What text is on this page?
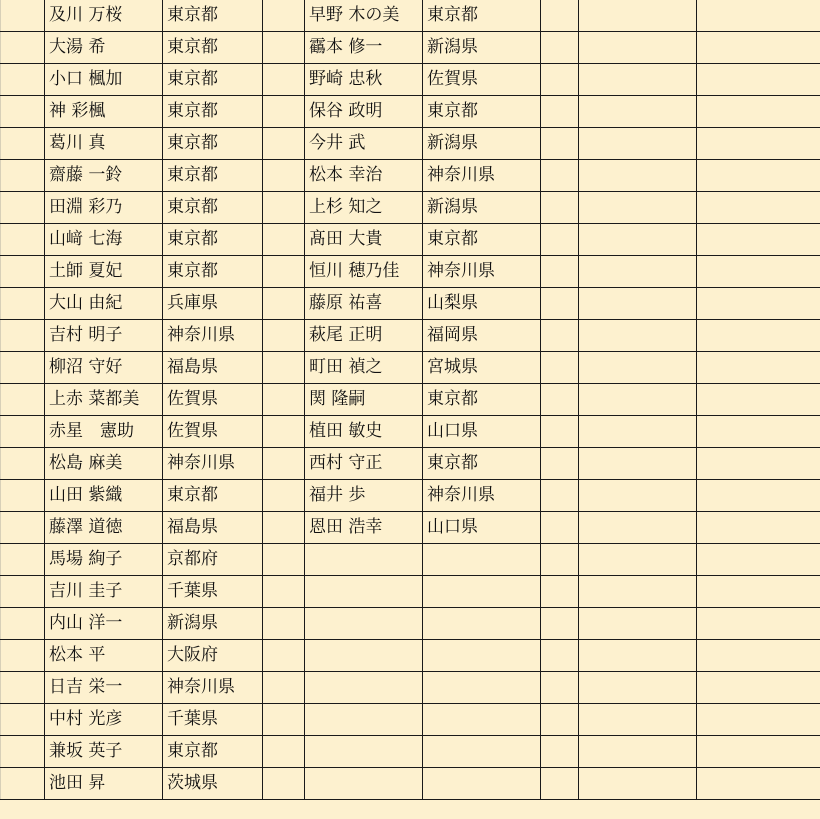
	及川 万桜	東京都		早野 木の美	東京都			
	大湯 希	東京都		靍本 修一	新潟県			
	小口 楓加	東京都		野崎 忠秋	佐賀県			
	神 彩楓	東京都		保谷 政明	東京都			
	葛川 真	東京都		今井 武	新潟県			
	齋藤 一鈴	東京都		松本 幸治	神奈川県			
	田淵 彩乃	東京都		上杉 知之	新潟県			
	山﨑 七海	東京都		髙田 大貴	東京都			
	土師 夏妃	東京都		恒川 穂乃佳	神奈川県			
	大山 由紀	兵庫県		藤原 祐喜	山梨県			
	吉村 明子	神奈川県		萩尾 正明	福岡県			
	柳沼 守好	福島県		町田 禎之	宮城県			
	上赤 菜都美	佐賀県		関 隆嗣	東京都			
	赤星　憲助	佐賀県		植田 敏史	山口県			
	松島 麻美	神奈川県		西村 守正	東京都			
	山田 紫織	東京都		福井 歩	神奈川県			
	藤澤 道徳	福島県		恩田 浩幸	山口県			
	馬場 絢子	京都府						
	吉川 圭子	千葉県						
	内山 洋一	新潟県						
	松本 平	大阪府						
	日吉 栄一	神奈川県						
	中村 光彦	千葉県						
	兼坂 英子	東京都						
	池田 昇	茨城県						
